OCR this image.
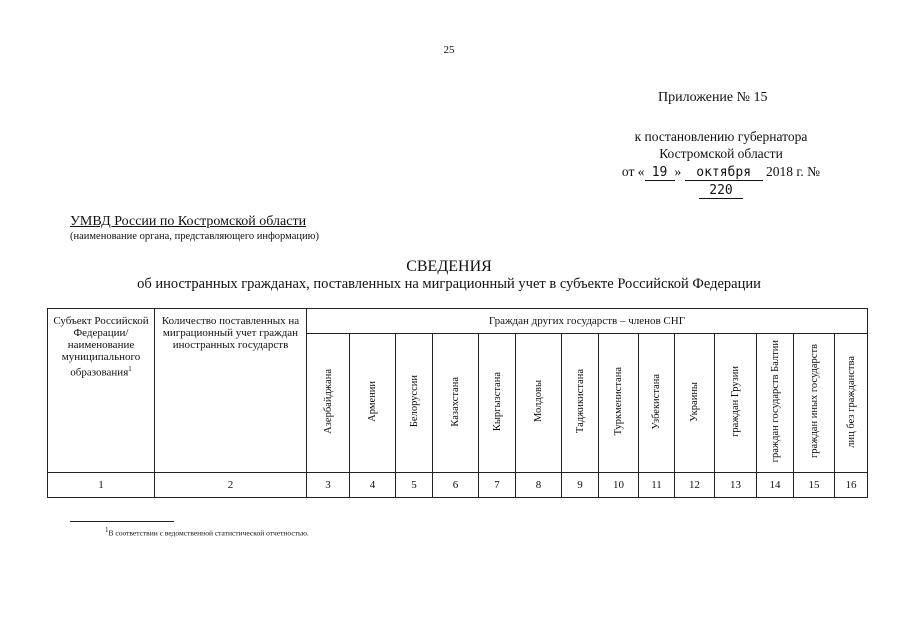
25
Приложение № 15
к постановлению губернатора
Костромской области
от « 19 » октября 2018 г. № 220
УМВД России по Костромской области
(наименование органа, представляющего информацию)
СВЕДЕНИЯ
об иностранных гражданах, поставленных на миграционный учет в субъекте Российской Федерации
Субъект Российской Федерации/ наименование муниципального образования$^1$	Количество поставленных на миграционный учет граждан иностранных государств	Граждан других государств – членов СНГ													
		Азербайджана	Армении	Белоруссии	Казахстана	Кыргызстана	Молдовы	Таджикистана	Туркменистана	Узбекистана	Украины	граждан Грузии	граждан государств Балтии	граждан иных государств	лиц без гражданства
1	2	3	4	5	6	7	8	9	10	11	12	13	14	15	16
$^1$В соответствии с ведомственной статистической отчетностью.
